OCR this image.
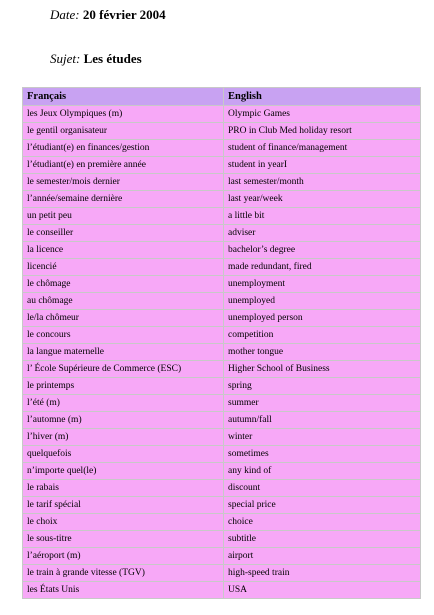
Date: 20 février 2004
Sujet: Les études
Français	English
les Jeux Olympiques (m)	Olympic Games
le gentil organisateur	PRO in Club Med holiday resort
l’étudiant(e) en finances/gestion	student of finance/management
l’étudiant(e) en première année	student in yearI
le semester/mois dernier	last semester/month
l’année/semaine dernière	last year/week
un petit peu	a little bit
le conseiller	adviser
la licence	bachelor’s degree
licencié	made redundant, fired
le chômage	unemployment
au chômage	unemployed
le/la chômeur	unemployed person
le concours	competition
la langue maternelle	mother tongue
l’ École Supérieure de Commerce (ESC)	Higher School of Business
le printemps	spring
l’été (m)	summer
l’automne (m)	autumn/fall
l’hiver (m)	winter
quelquefois	sometimes
n’importe quel(le)	any kind of
le rabais	discount
le tarif spécial	special price
le choix	choice
le sous-titre	subtitle
l’aéroport (m)	airport
le train à grande vitesse (TGV)	high-speed train
les États Unis	USA
